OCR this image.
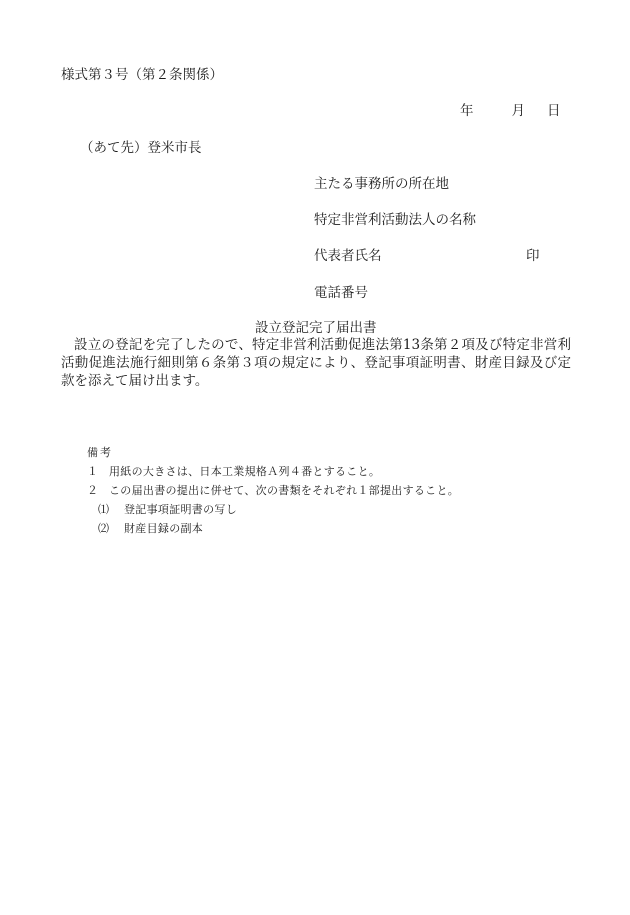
様式第３号（第２条関係）
年	月 日
（あて先）登米市長
主たる事務所の所在地
特定非営利活動法人の名称
代表者氏名	印
電話番号
設立登記完了届出書
設立の登記を完了したので、特定非営利活動促進法第13条第２項及び特定非営利活動促進法施行細則第６条第３項の規定により、登記事項証明書、財産目録及び定款を添えて届け出ます。
備考
１ 用紙の大きさは、日本工業規格Ａ列４番とすること。
２ この届出書の提出に併せて、次の書類をそれぞれ１部提出すること。
⑴ 登記事項証明書の写し
⑵ 財産目録の副本
